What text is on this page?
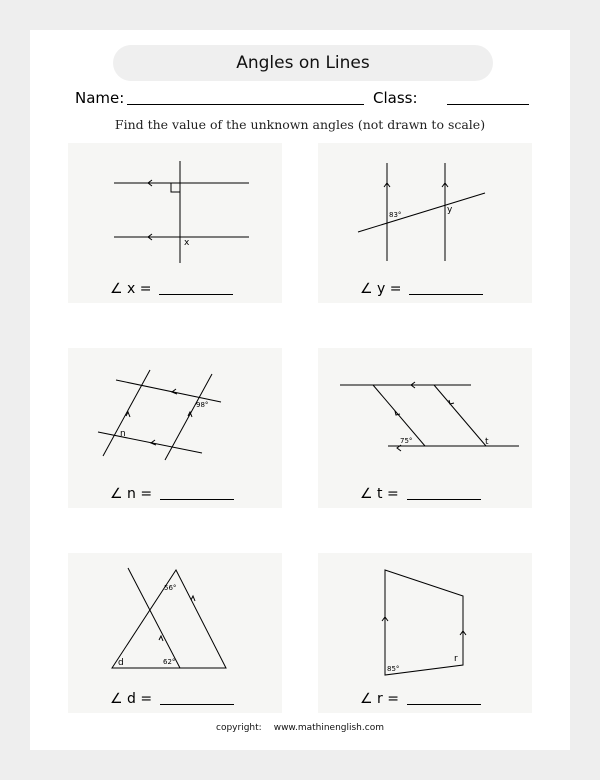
Angles on Lines
Name:	Class:
Find the value of the unknown angles (not drawn to scale)
x
∠ x =
83°	y
∠ y =
98°
n
∠ n =
75°	t
∠ t =
56°
62°
d
∠ d =
85°
r
∠ r =
copyright: www.mathinenglish.com
